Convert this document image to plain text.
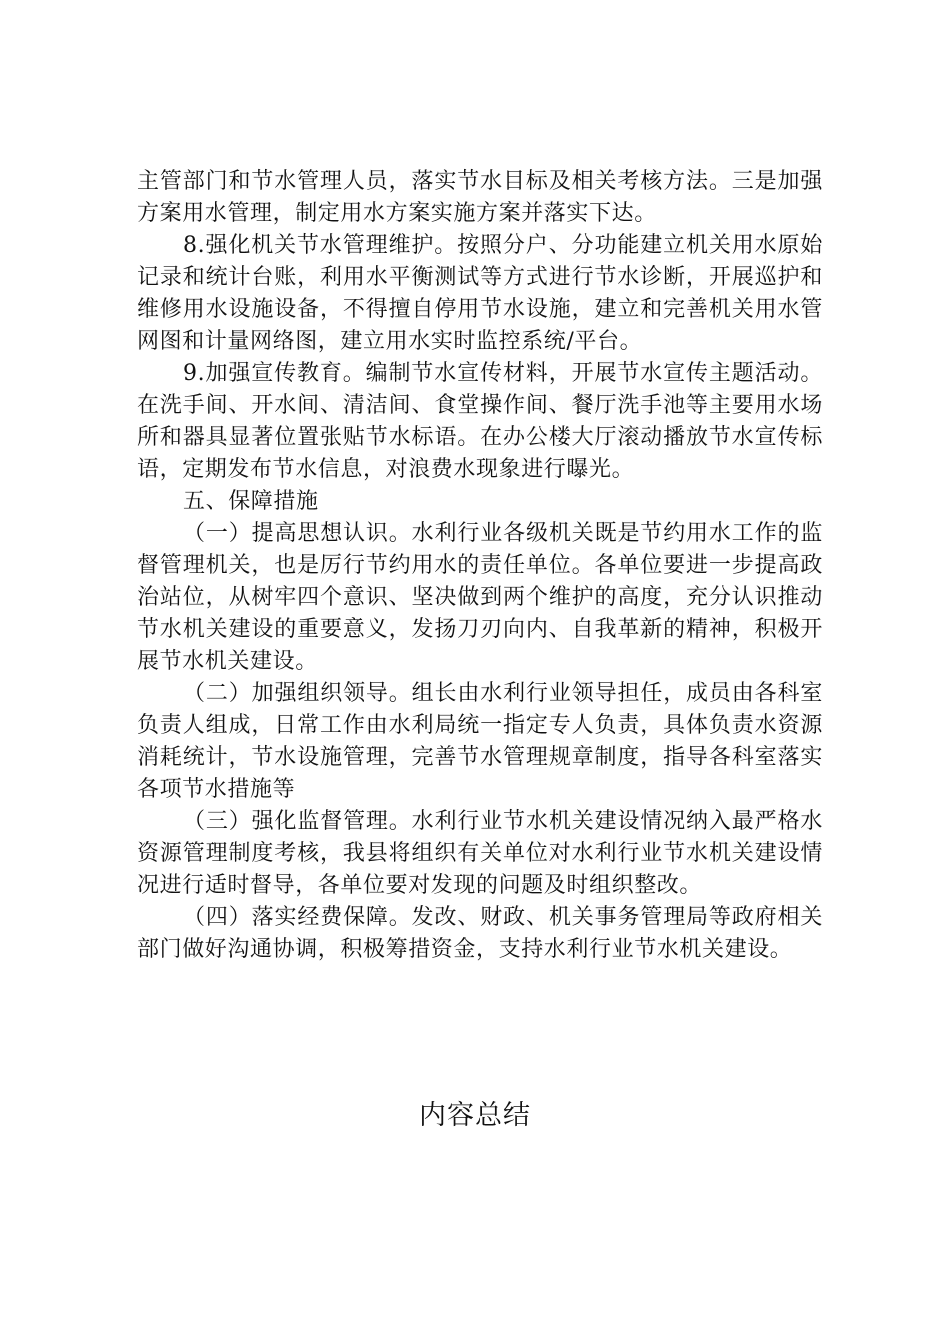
主管部门和节水管理人员，落实节水目标及相关考核方法。三是加强方案用水管理，制定用水方案实施方案并落实下达。

8.强化机关节水管理维护。按照分户、分功能建立机关用水原始记录和统计台账，利用水平衡测试等方式进行节水诊断，开展巡护和维修用水设施设备，不得擅自停用节水设施，建立和完善机关用水管网图和计量网络图，建立用水实时监控系统/平台。

9.加强宣传教育。编制节水宣传材料，开展节水宣传主题活动。在洗手间、开水间、清洁间、食堂操作间、餐厅洗手池等主要用水场所和器具显著位置张贴节水标语。在办公楼大厅滚动播放节水宣传标语，定期发布节水信息，对浪费水现象进行曝光。

五、保障措施

（一）提高思想认识。水利行业各级机关既是节约用水工作的监督管理机关，也是厉行节约用水的责任单位。各单位要进一步提高政治站位，从树牢四个意识、坚决做到两个维护的高度，充分认识推动节水机关建设的重要意义，发扬刀刃向内、自我革新的精神，积极开展节水机关建设。

（二）加强组织领导。组长由水利行业领导担任，成员由各科室负责人组成，日常工作由水利局统一指定专人负责，具体负责水资源消耗统计，节水设施管理，完善节水管理规章制度，指导各科室落实各项节水措施等

（三）强化监督管理。水利行业节水机关建设情况纳入最严格水资源管理制度考核，我县将组织有关单位对水利行业节水机关建设情况进行适时督导，各单位要对发现的问题及时组织整改。

（四）落实经费保障。发改、财政、机关事务管理局等政府相关部门做好沟通协调，积极筹措资金，支持水利行业节水机关建设。

内容总结
